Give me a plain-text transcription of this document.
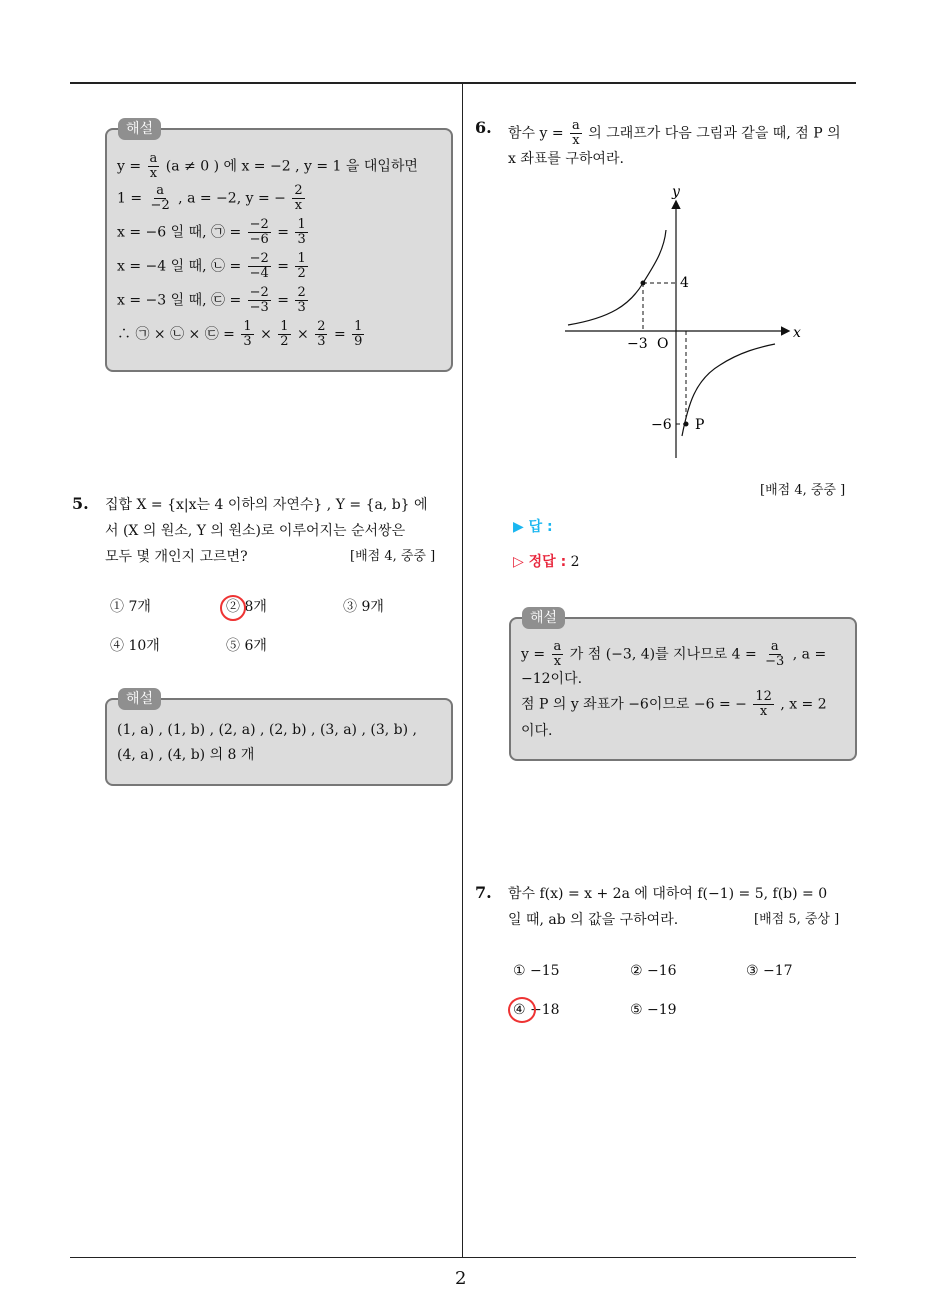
2
해설
$y = \frac{a}{x} (a \ne 0$ ) 에 x = −2 , y = 1 을 대입하면
$1 = \frac{a}{-2}$ , a = −2, y = − $\frac{2}{x}$
x = −6 일 때, ㉠ = $\frac{-2}{-6} = \frac{1}{3}$
x = −4 일 때, ㉡ = $\frac{-2}{-4} = \frac{1}{2}$
x = −3 일 때, ㉢ = $\frac{-2}{-3} = \frac{2}{3}$
∴ ㉠ × ㉡ × ㉢ = $\frac{1}{3} \times \frac{1}{2} \times \frac{2}{3} = \frac{1}{9}$
5. 집합 X = {x|x는 4 이하의 자연수} , Y = {a, b} 에
서 (X 의 원소, Y 의 원소)로 이루어지는 순서쌍은
모두 몇 개인지 고르면?	[배점 4, 중중 ]
① 7개	② 8개	③ 9개
④ 10개	⑤ 6개
해설
(1, a) , (1, b) , (2, a) , (2, b) , (3, a) , (3, b) ,
(4, a) , (4, b) 의 8 개
6. 함수 $y = \frac{a}{x}$ 의 그래프가 다음 그림과 같을 때, 점 P 의
x 좌표를 구하여라.
y
x
O
−3
4
−6 P
[배점 4, 중중 ]
▶ 답 :
▷ 정답 : 2
해설
$y = \frac{a}{x}$ 가 점 (−3, 4)를 지나므로 $4 = \frac{a}{-3}$ , a =
−12이다.
점 P 의 y 좌표가 −6이므로 −6 = − $\frac{12}{x}$ , x = 2
이다.
7. 함수 f(x) = x + 2a 에 대하여 f(−1) = 5, f(b) = 0
일 때, ab 의 값을 구하여라.	[배점 5, 중상 ]
① −15	② −16	③ −17
④ −18	⑤ −19
